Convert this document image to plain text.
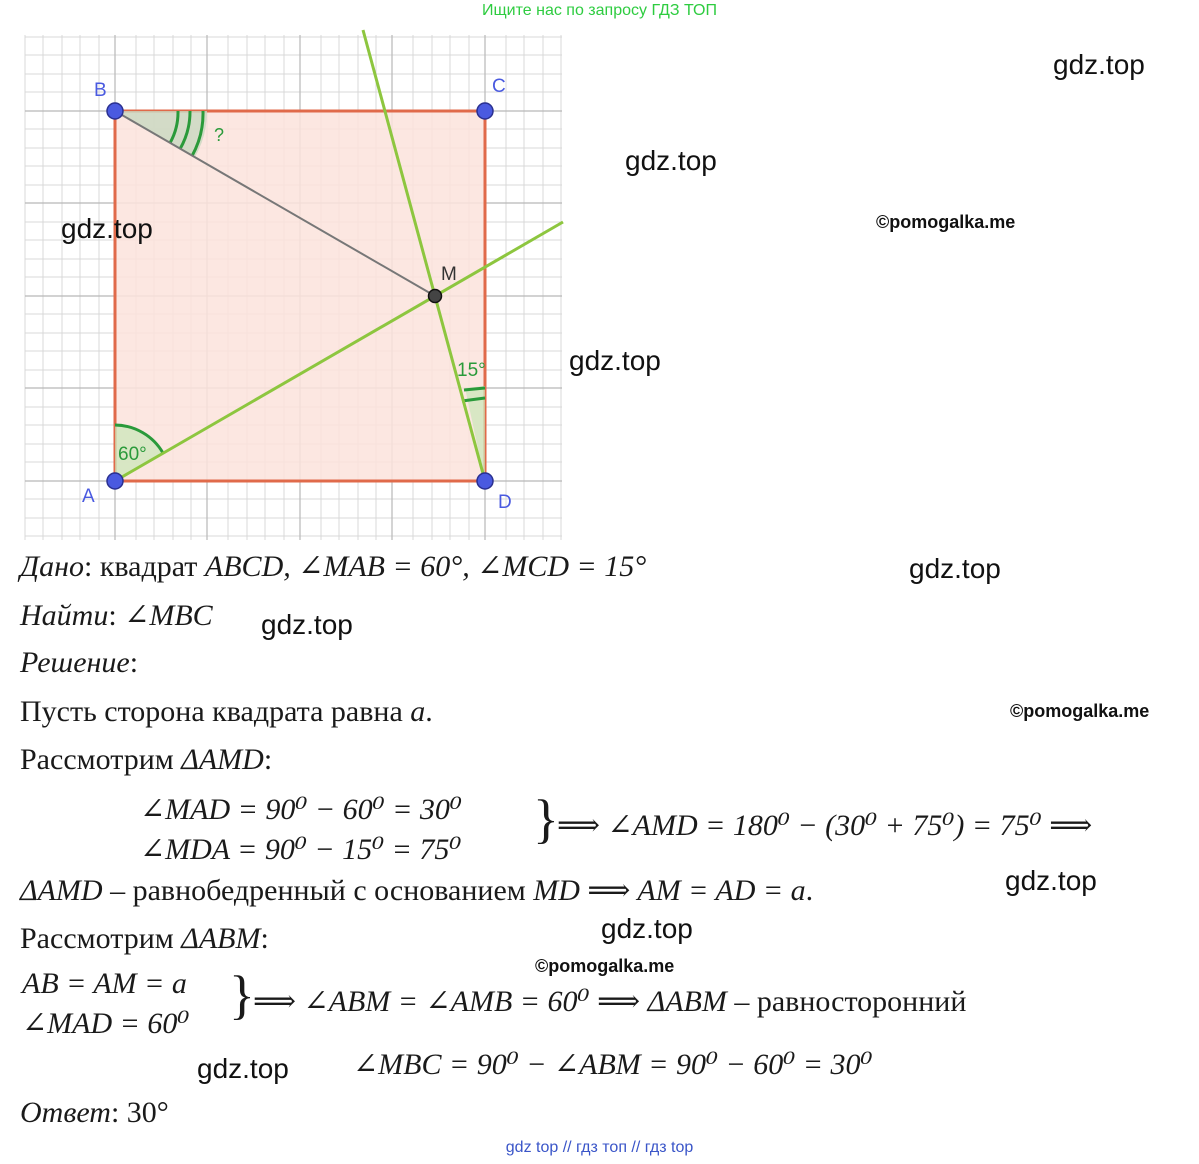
Ищите нас по запросу ГДЗ ТОП
gdz top // гдз топ // гдз top
B	C
A	D
M
60°
15°
?
gdz.top
gdz.top
gdz.top
gdz.top
gdz.top
gdz.top
gdz.top
gdz.top
gdz.top
©pomogalka.me
©pomogalka.me
©pomogalka.me
Дано: квадрат ABCD, ∠MAB = 60°, ∠MCD = 15°
Найти: ∠MBC
Решение:
Пусть сторона квадрата равна a.
Рассмотрим ΔAMD:
∠MAD = 90⁰ − 60⁰ = 30⁰
∠MDA = 90⁰ − 15⁰ = 75⁰
}
⟹ ∠AMD = 180⁰ − (30⁰ + 75⁰) = 75⁰ ⟹
ΔAMD – равнобедренный с основанием MD ⟹ AM = AD = a.
Рассмотрим ΔABM:
AB = AM = a
∠MAD = 60⁰ }
⟹ ∠ABM = ∠AMB = 60⁰ ⟹ ΔABM – равносторонний
∠MBC = 90⁰ − ∠ABM = 90⁰ − 60⁰ = 30⁰
Ответ: 30°
